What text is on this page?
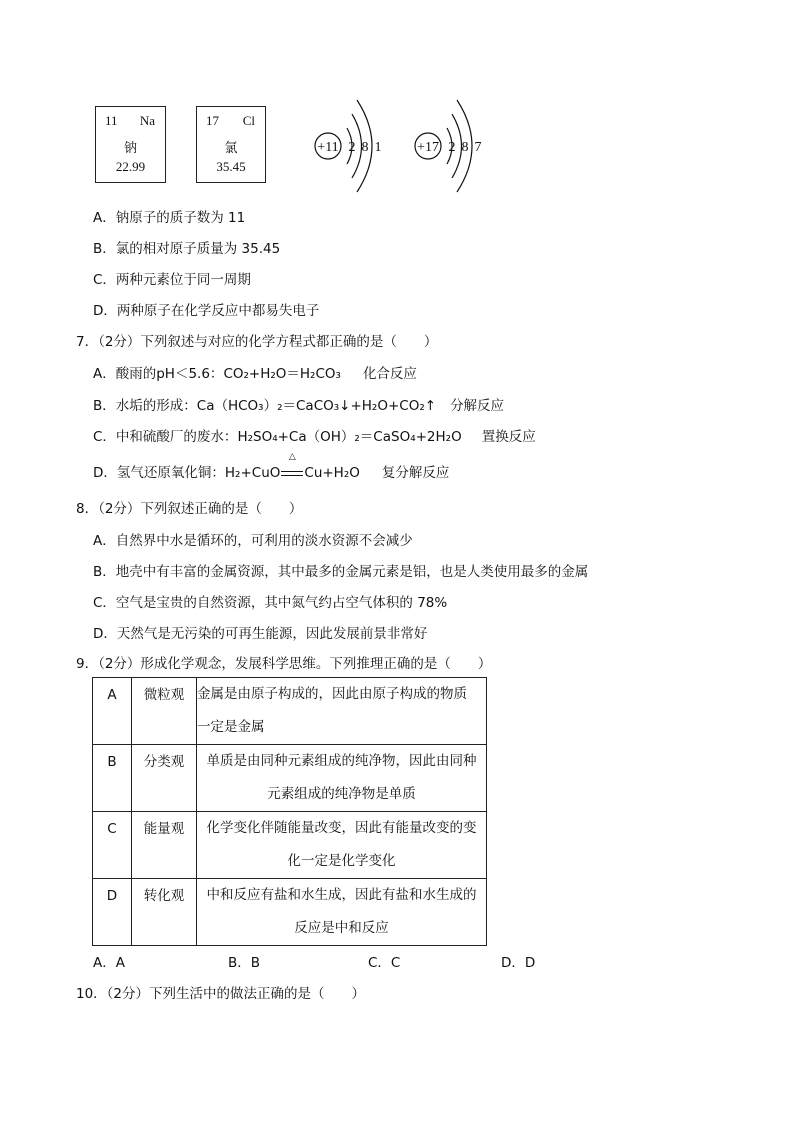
11 Na
钠
22.99
17 Cl
氯
35.45
+11 2 8 1	+17 2 8 7
A．钠原子的质子数为 11
B．氯的相对原子质量为 35.45
C．两种元素位于同一周期
D．两种原子在化学反应中都易失电子
7．（2分）下列叙述与对应的化学方程式都正确的是（　　）
A．酸雨的pH＜5.6：CO₂+H₂O＝H₂CO₃ 化合反应
B．水垢的形成：Ca（HCO₃）₂＝CaCO₃↓+H₂O+CO₂↑ 分解反应
C．中和硫酸厂的废水：H₂SO₄+Ca（OH）₂＝CaSO₄+2H₂O 置换反应
D．氢气还原氧化铜：H₂+CuO
△
Cu+H₂O 复分解反应
8．（2分）下列叙述正确的是（　　）
A．自然界中水是循环的，可利用的淡水资源不会减少
B．地壳中有丰富的金属资源，其中最多的金属元素是铝，也是人类使用最多的金属
C．空气是宝贵的自然资源，其中氮气约占空气体积的 78%
D．天然气是无污染的可再生能源，因此发展前景非常好
9．（2分）形成化学观念，发展科学思维。下列推理正确的是（　　）
A	微粒观	金属是由原子构成的，因此由原子构成的物质
一定是金属

B	分类观	单质是由同种元素组成的纯净物，因此由同种
元素组成的纯净物是单质

C	能量观	化学变化伴随能量改变，因此有能量改变的变
化一定是化学变化

D	转化观	中和反应有盐和水生成，因此有盐和水生成的
反应是中和反应
A．A	B．B	C．C	D．D
10．（2分）下列生活中的做法正确的是（　　）
